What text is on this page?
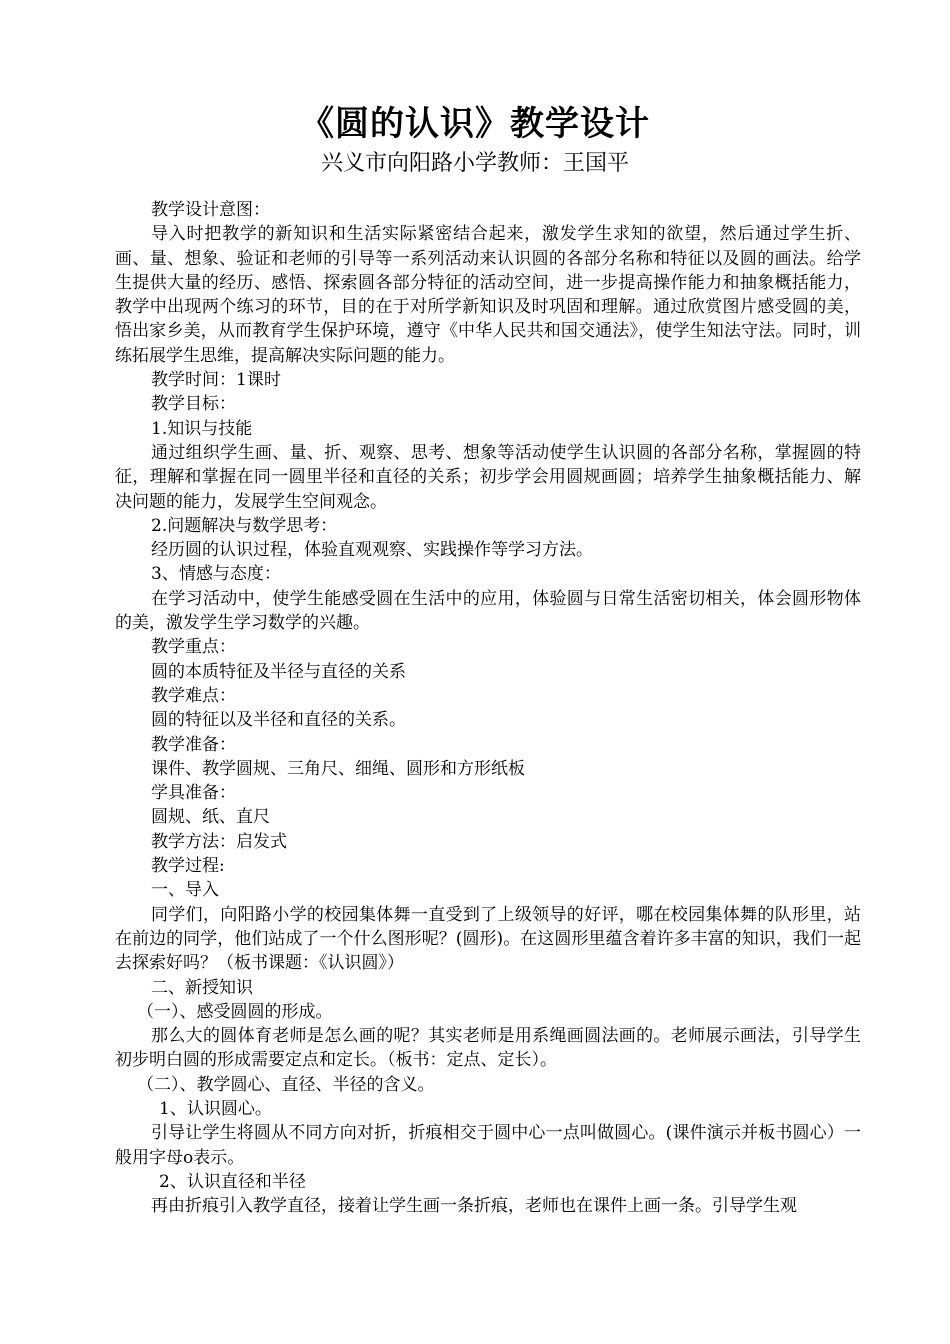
《圆的认识》教学设计
兴义市向阳路小学教师：王国平

教学设计意图：

导入时把教学的新知识和生活实际紧密结合起来，激发学生求知的欲望，然后通过学生折、画、量、想象、验证和老师的引导等一系列活动来认识圆的各部分名称和特征以及圆的画法。给学生提供大量的经历、感悟、探索圆各部分特征的活动空间，进一步提高操作能力和抽象概括能力，教学中出现两个练习的环节，目的在于对所学新知识及时巩固和理解。通过欣赏图片感受圆的美，悟出家乡美，从而教育学生保护环境，遵守《中华人民共和国交通法》，使学生知法守法。同时，训练拓展学生思维，提高解决实际问题的能力。

教学时间：1课时

教学目标：

1.知识与技能

通过组织学生画、量、折、观察、思考、想象等活动使学生认识圆的各部分名称，掌握圆的特征，理解和掌握在同一圆里半径和直径的关系；初步学会用圆规画圆；培养学生抽象概括能力、解决问题的能力，发展学生空间观念。

2.问题解决与数学思考：

经历圆的认识过程，体验直观观察、实践操作等学习方法。

3、情感与态度：

在学习活动中，使学生能感受圆在生活中的应用，体验圆与日常生活密切相关，体会圆形物体的美，激发学生学习数学的兴趣。

教学重点：

圆的本质特征及半径与直径的关系

教学难点：

圆的特征以及半径和直径的关系。

教学准备：

课件、教学圆规、三角尺、细绳、圆形和方形纸板

学具准备：

圆规、纸、直尺

教学方法：启发式

教学过程:

一、导入

同学们，向阳路小学的校园集体舞一直受到了上级领导的好评，哪在校园集体舞的队形里，站在前边的同学，他们站成了一个什么图形呢？(圆形)。在这圆形里蕴含着许多丰富的知识，我们一起去探索好吗？（板书课题：《认识圆》）

二、新授知识

（一）、感受圆圆的形成。

那么大的圆体育老师是怎么画的呢？其实老师是用系绳画圆法画的。老师展示画法，引导学生初步明白圆的形成需要定点和定长。（板书：定点、定长）。

（二）、教学圆心、直径、半径的含义。

1、认识圆心。

引导让学生将圆从不同方向对折，折痕相交于圆中心一点叫做圆心。(课件演示并板书圆心）一般用字母o表示。

2、认识直径和半径

再由折痕引入教学直径，接着让学生画一条折痕，老师也在课件上画一条。引导学生观
